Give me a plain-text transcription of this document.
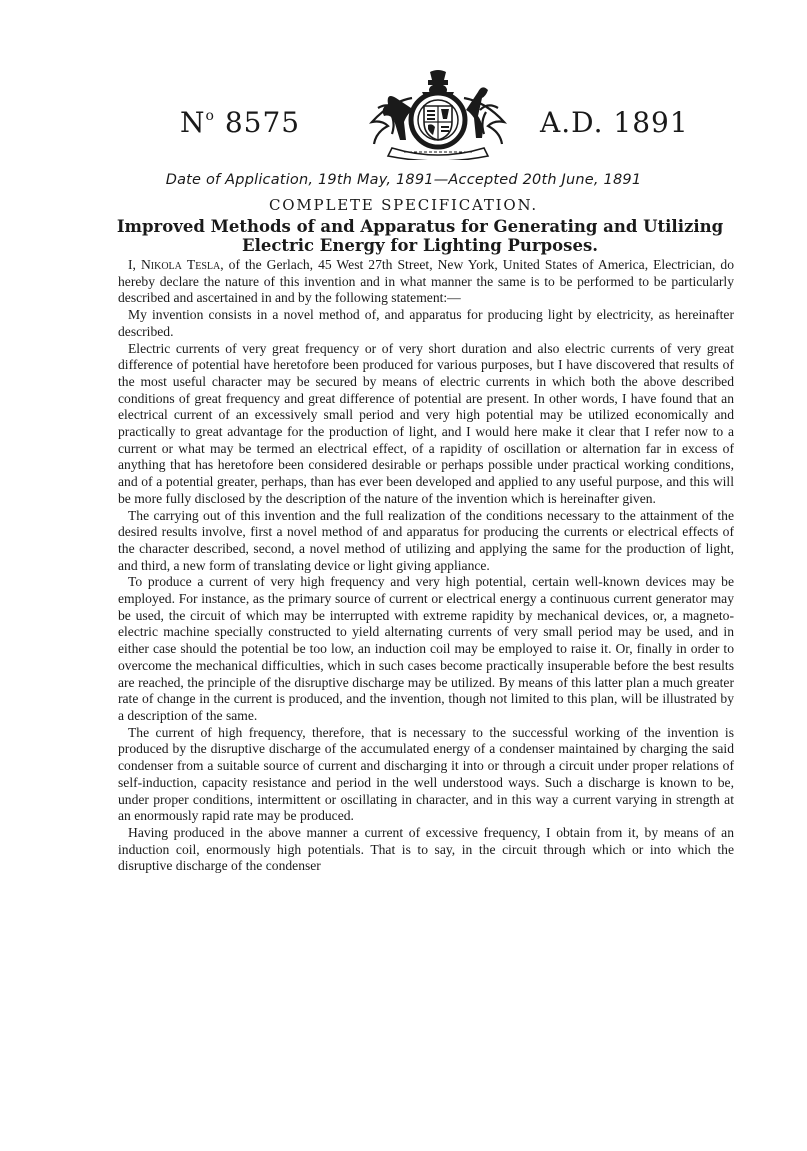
$N^o$ 8575	A.D. 1891
Date of Application, 19th May, 1891—Accepted 20th June, 1891
COMPLETE SPECIFICATION.
Improved Methods of and Apparatus for Generating and Utilizing
Electric Energy for Lighting Purposes.

I, Nikola Tesla, of the Gerlach, 45 West 27th Street, New York, United States of America, Electrician, do hereby declare the nature of this invention and in what manner the same is to be performed to be particularly described and ascertained in and by the following statement:—

My invention consists in a novel method of, and apparatus for producing light by electricity, as hereinafter described.

Electric currents of very great frequency or of very short duration and also electric currents of very great difference of potential have heretofore been produced for various purposes, but I have discovered that results of the most useful character may be secured by means of electric currents in which both the above described conditions of great frequency and great difference of potential are present. In other words, I have found that an electrical current of an excessively small period and very high potential may be utilized economically and practically to great advantage for the production of light, and I would here make it clear that I refer now to a current or what may be termed an electrical effect, of a rapidity of oscillation or alternation far in excess of anything that has heretofore been considered desirable or perhaps possible under practical working conditions, and of a potential greater, perhaps, than has ever been developed and applied to any useful purpose, and this will be more fully disclosed by the description of the nature of the invention which is hereinafter given.

The carrying out of this invention and the full realization of the conditions necessary to the attainment of the desired results involve, first a novel method of and apparatus for producing the currents or electrical effects of the character described, second, a novel method of utilizing and applying the same for the production of light, and third, a new form of translating device or light giving appliance.

To produce a current of very high frequency and very high potential, certain well-known devices may be employed. For instance, as the primary source of current or electrical energy a continuous current generator may be used, the circuit of which may be interrupted with extreme rapidity by mechanical devices, or, a magneto-electric machine specially constructed to yield alternating currents of very small period may be used, and in either case should the potential be too low, an induction coil may be employed to raise it. Or, finally in order to overcome the mechanical difficulties, which in such cases become practically insuperable before the best results are reached, the principle of the disruptive discharge may be utilized. By means of this latter plan a much greater rate of change in the current is produced, and the invention, though not limited to this plan, will be illustrated by a description of the same.

The current of high frequency, therefore, that is necessary to the successful working of the invention is produced by the disruptive discharge of the accumulated energy of a condenser maintained by charging the said condenser from a suitable source of current and discharging it into or through a circuit under proper relations of self-induction, capacity resistance and period in the well understood ways. Such a discharge is known to be, under proper conditions, intermittent or oscillating in character, and in this way a current varying in strength at an enormously rapid rate may be produced.

Having produced in the above manner a current of excessive frequency, I obtain from it, by means of an induction coil, enormously high potentials. That is to say, in the circuit through which or into which the disruptive discharge of the condenser
